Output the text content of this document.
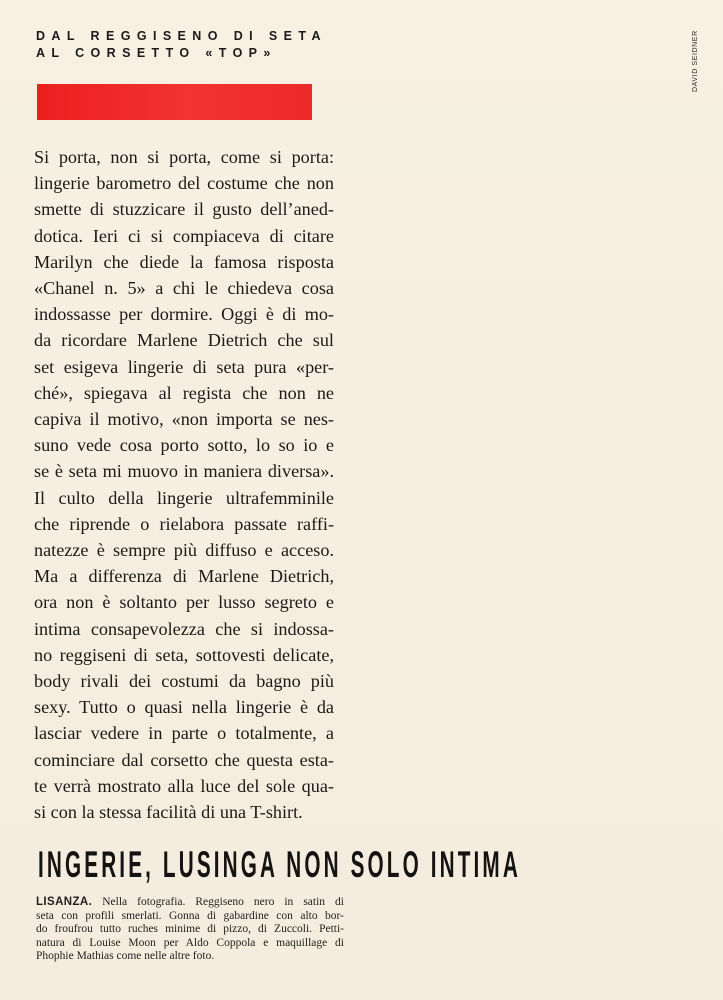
DAL REGGISENO DI SETA
AL CORSETTO «TOP»	DAVID SEIDNER
Si porta, non si porta, come si porta:
lingerie barometro del costume che non
smette di stuzzicare il gusto dell’aned-
dotica. Ieri ci si compiaceva di citare
Marilyn che diede la famosa risposta
«Chanel n. 5» a chi le chiedeva cosa
indossasse per dormire. Oggi è di mo-
da ricordare Marlene Dietrich che sul
set esigeva lingerie di seta pura «per-
ché», spiegava al regista che non ne
capiva il motivo, «non importa se nes-
suno vede cosa porto sotto, lo so io e
se è seta mi muovo in maniera diversa».
Il culto della lingerie ultrafemminile
che riprende o rielabora passate raffi-
natezze è sempre più diffuso e acceso.
Ma a differenza di Marlene Dietrich,
ora non è soltanto per lusso segreto e
intima consapevolezza che si indossa-
no reggiseni di seta, sottovesti delicate,
body rivali dei costumi da bagno più
sexy. Tutto o quasi nella lingerie è da
lasciar vedere in parte o totalmente, a
cominciare dal corsetto che questa esta-
te verrà mostrato alla luce del sole qua-
si con la stessa facilità di una T-shirt.
INGERIE, LUSINGA NON SOLO INTIMA
LISANZA. Nella fotografia. Reggiseno nero in satin di
seta con profili smerlati. Gonna di gabardine con alto bor-
do froufrou tutto ruches minime di pizzo, di Zuccoli. Petti-
natura di Louise Moon per Aldo Coppola e maquillage di
Phophie Mathias come nelle altre foto.
